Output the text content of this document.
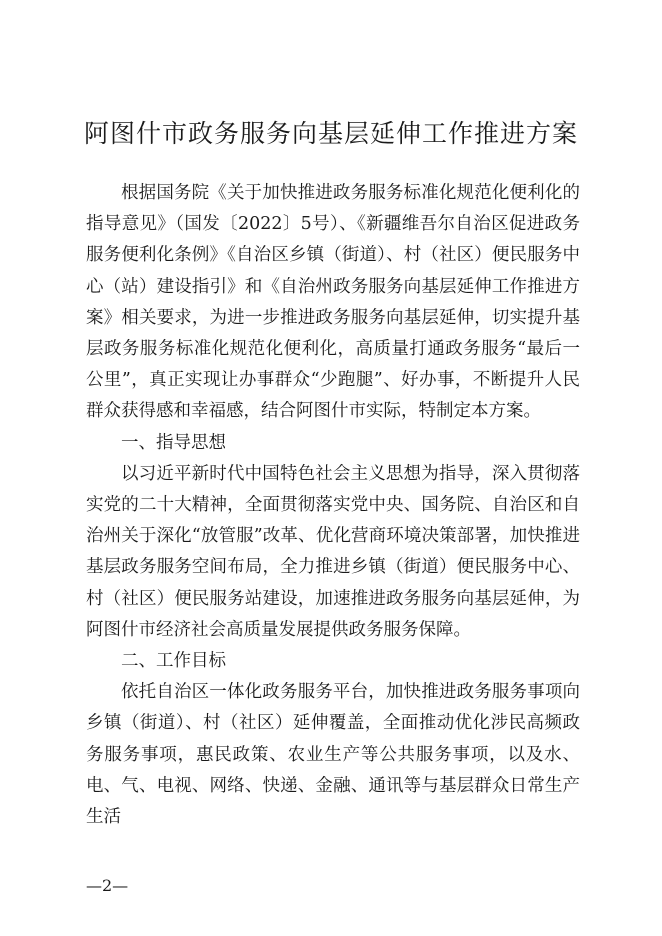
阿图什市政务服务向基层延伸工作推进方案

根据国务院《关于加快推进政务服务标准化规范化便利化的指导意见》（国发〔2022〕5号）、《新疆维吾尔自治区促进政务服务便利化条例》《自治区乡镇（街道）、村（社区）便民服务中心（站）建设指引》和《自治州政务服务向基层延伸工作推进方案》相关要求，为进一步推进政务服务向基层延伸，切实提升基层政务服务标准化规范化便利化，高质量打通政务服务“最后一公里”，真正实现让办事群众“少跑腿”、好办事，不断提升人民群众获得感和幸福感，结合阿图什市实际，特制定本方案。

一、指导思想

以习近平新时代中国特色社会主义思想为指导，深入贯彻落实党的二十大精神，全面贯彻落实党中央、国务院、自治区和自治州关于深化“放管服”改革、优化营商环境决策部署，加快推进基层政务服务空间布局，全力推进乡镇（街道）便民服务中心、村（社区）便民服务站建设，加速推进政务服务向基层延伸，为阿图什市经济社会高质量发展提供政务服务保障。

二、工作目标

依托自治区一体化政务服务平台，加快推进政务服务事项向乡镇（街道）、村（社区）延伸覆盖，全面推动优化涉民高频政务服务事项，惠民政策、农业生产等公共服务事项，以及水、电、气、电视、网络、快递、金融、通讯等与基层群众日常生产生活

—2—
